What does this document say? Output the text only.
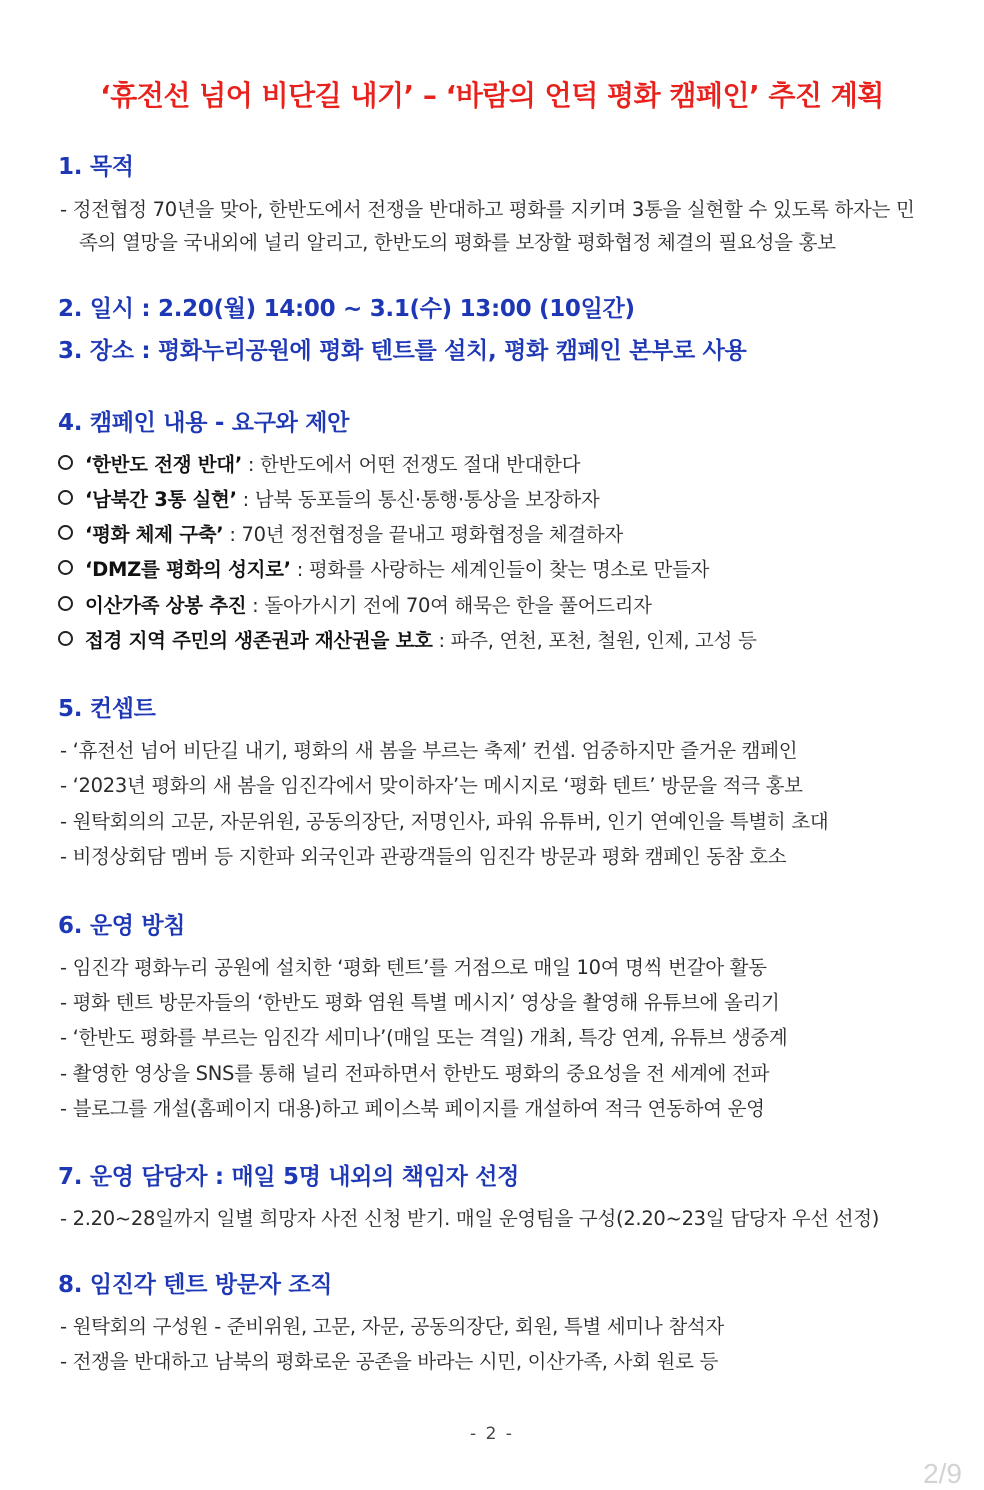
‘휴전선 넘어 비단길 내기’ – ‘바람의 언덕 평화 캠페인’ 추진 계획
1. 목적
- 정전협정 70년을 맞아, 한반도에서 전쟁을 반대하고 평화를 지키며 3통을 실현할 수 있도록 하자는 민
족의 열망을 국내외에 널리 알리고, 한반도의 평화를 보장할 평화협정 체결의 필요성을 홍보
2. 일시 : 2.20(월) 14:00 ~ 3.1(수) 13:00 (10일간)
3. 장소 : 평화누리공원에 평화 텐트를 설치, 평화 캠페인 본부로 사용
4. 캠페인 내용 - 요구와 제안
‘한반도 전쟁 반대’ : 한반도에서 어떤 전쟁도 절대 반대한다
‘남북간 3통 실현’ : 남북 동포들의 통신·통행·통상을 보장하자
‘평화 체제 구축’ : 70년 정전협정을 끝내고 평화협정을 체결하자
‘DMZ를 평화의 성지로’ : 평화를 사랑하는 세계인들이 찾는 명소로 만들자
이산가족 상봉 추진 : 돌아가시기 전에 70여 해묵은 한을 풀어드리자
접경 지역 주민의 생존권과 재산권을 보호 : 파주, 연천, 포천, 철원, 인제, 고성 등
5. 컨셉트
- ‘휴전선 넘어 비단길 내기, 평화의 새 봄을 부르는 축제’ 컨셉. 엄중하지만 즐거운 캠페인
- ‘2023년 평화의 새 봄을 임진각에서 맞이하자’는 메시지로 ‘평화 텐트’ 방문을 적극 홍보
- 원탁회의의 고문, 자문위원, 공동의장단, 저명인사, 파워 유튜버, 인기 연예인을 특별히 초대
- 비정상회담 멤버 등 지한파 외국인과 관광객들의 임진각 방문과 평화 캠페인 동참 호소
6. 운영 방침
- 임진각 평화누리 공원에 설치한 ‘평화 텐트’를 거점으로 매일 10여 명씩 번갈아 활동
- 평화 텐트 방문자들의 ‘한반도 평화 염원 특별 메시지’ 영상을 촬영해 유튜브에 올리기
- ‘한반도 평화를 부르는 임진각 세미나’(매일 또는 격일) 개최, 특강 연계, 유튜브 생중계
- 촬영한 영상을 SNS를 통해 널리 전파하면서 한반도 평화의 중요성을 전 세계에 전파
- 블로그를 개설(홈페이지 대용)하고 페이스북 페이지를 개설하여 적극 연동하여 운영
7. 운영 담당자 : 매일 5명 내외의 책임자 선정
- 2.20~28일까지 일별 희망자 사전 신청 받기. 매일 운영팀을 구성(2.20~23일 담당자 우선 선정)
8. 임진각 텐트 방문자 조직
- 원탁회의 구성원 - 준비위원, 고문, 자문, 공동의장단, 회원, 특별 세미나 참석자
- 전쟁을 반대하고 남북의 평화로운 공존을 바라는 시민, 이산가족, 사회 원로 등
- 2 -
2/9
